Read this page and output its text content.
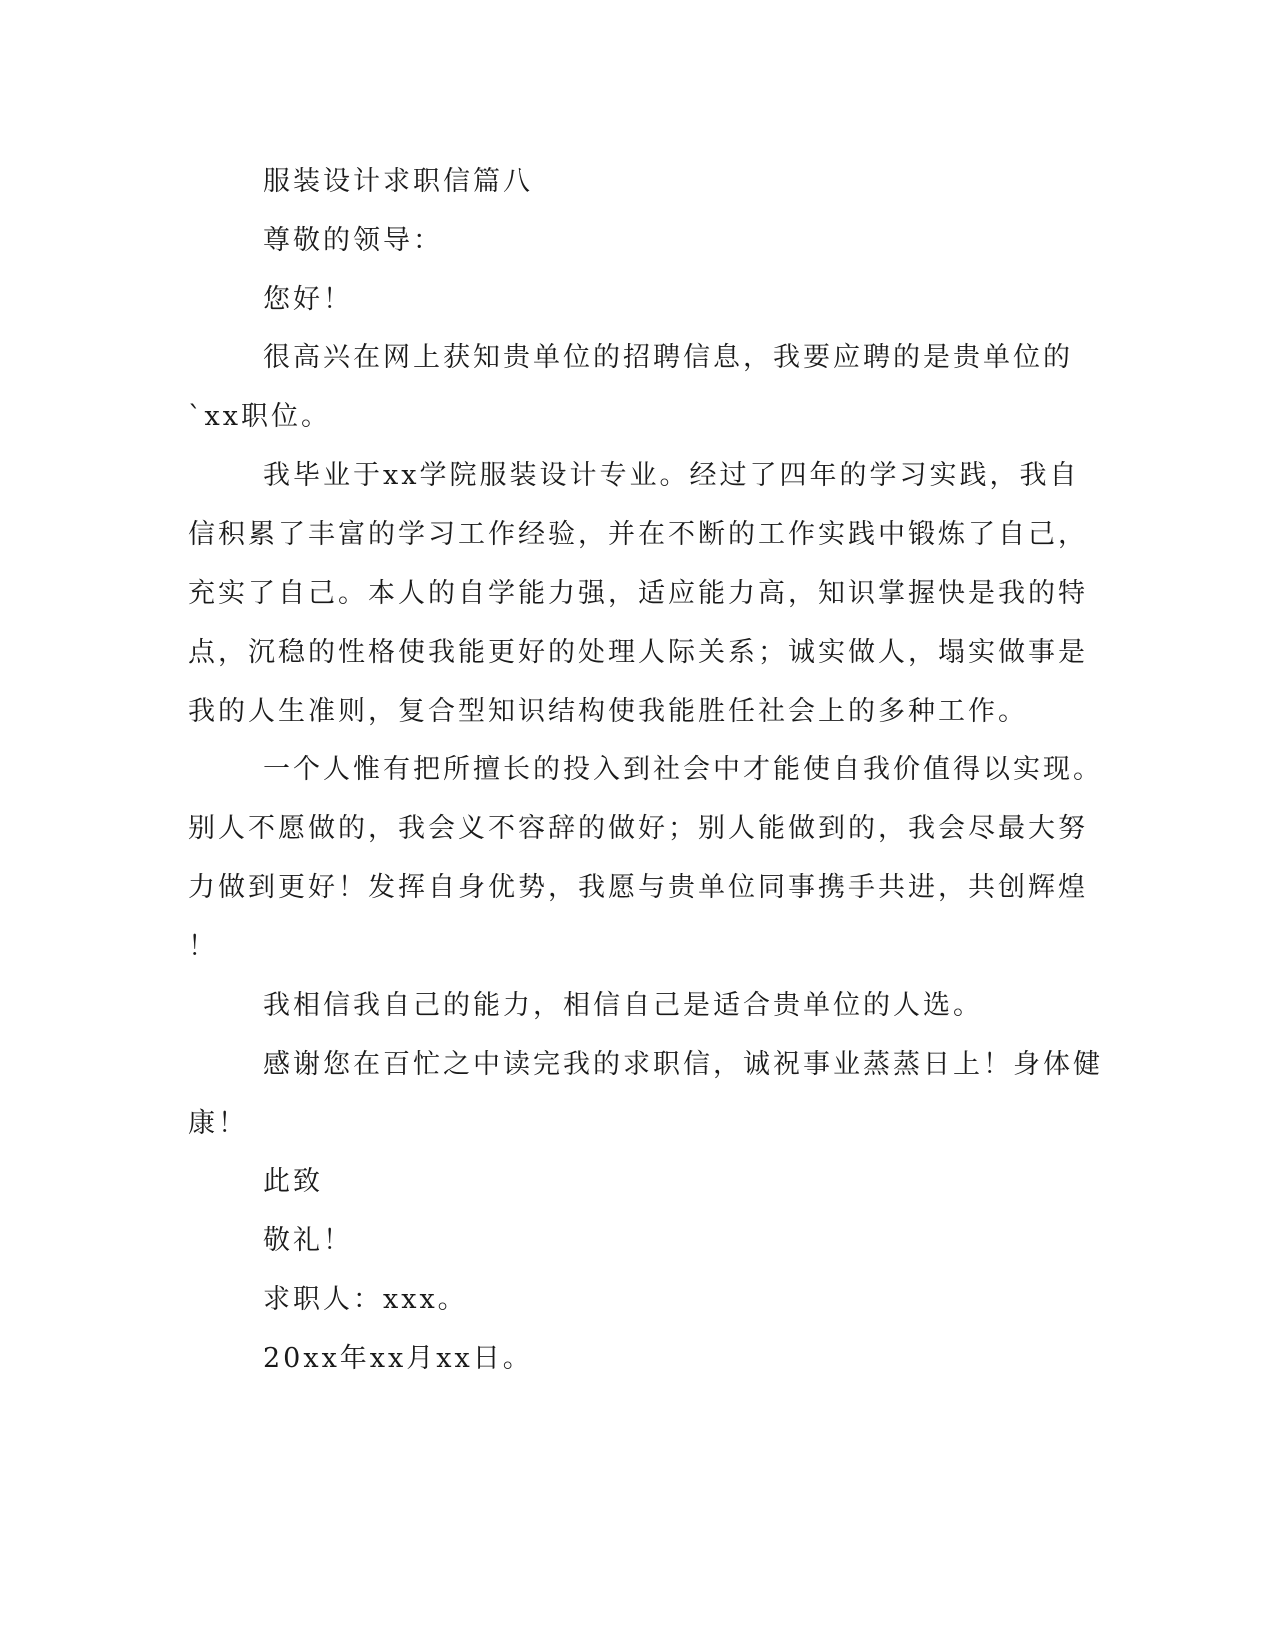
服装设计求职信篇八
尊敬的领导：
您好！
很高兴在网上获知贵单位的招聘信息，我要应聘的是贵单位的
`xx职位。
我毕业于xx学院服装设计专业。经过了四年的学习实践，我自
信积累了丰富的学习工作经验，并在不断的工作实践中锻炼了自己，
充实了自己。本人的自学能力强，适应能力高，知识掌握快是我的特
点，沉稳的性格使我能更好的处理人际关系；诚实做人，塌实做事是
我的人生准则，复合型知识结构使我能胜任社会上的多种工作。
一个人惟有把所擅长的投入到社会中才能使自我价值得以实现。
别人不愿做的，我会义不容辞的做好；别人能做到的，我会尽最大努
力做到更好！发挥自身优势，我愿与贵单位同事携手共进，共创辉煌
！
我相信我自己的能力，相信自己是适合贵单位的人选。
感谢您在百忙之中读完我的求职信，诚祝事业蒸蒸日上！身体健
康！
此致
敬礼！
求职人：xxx。
20xx年xx月xx日。
